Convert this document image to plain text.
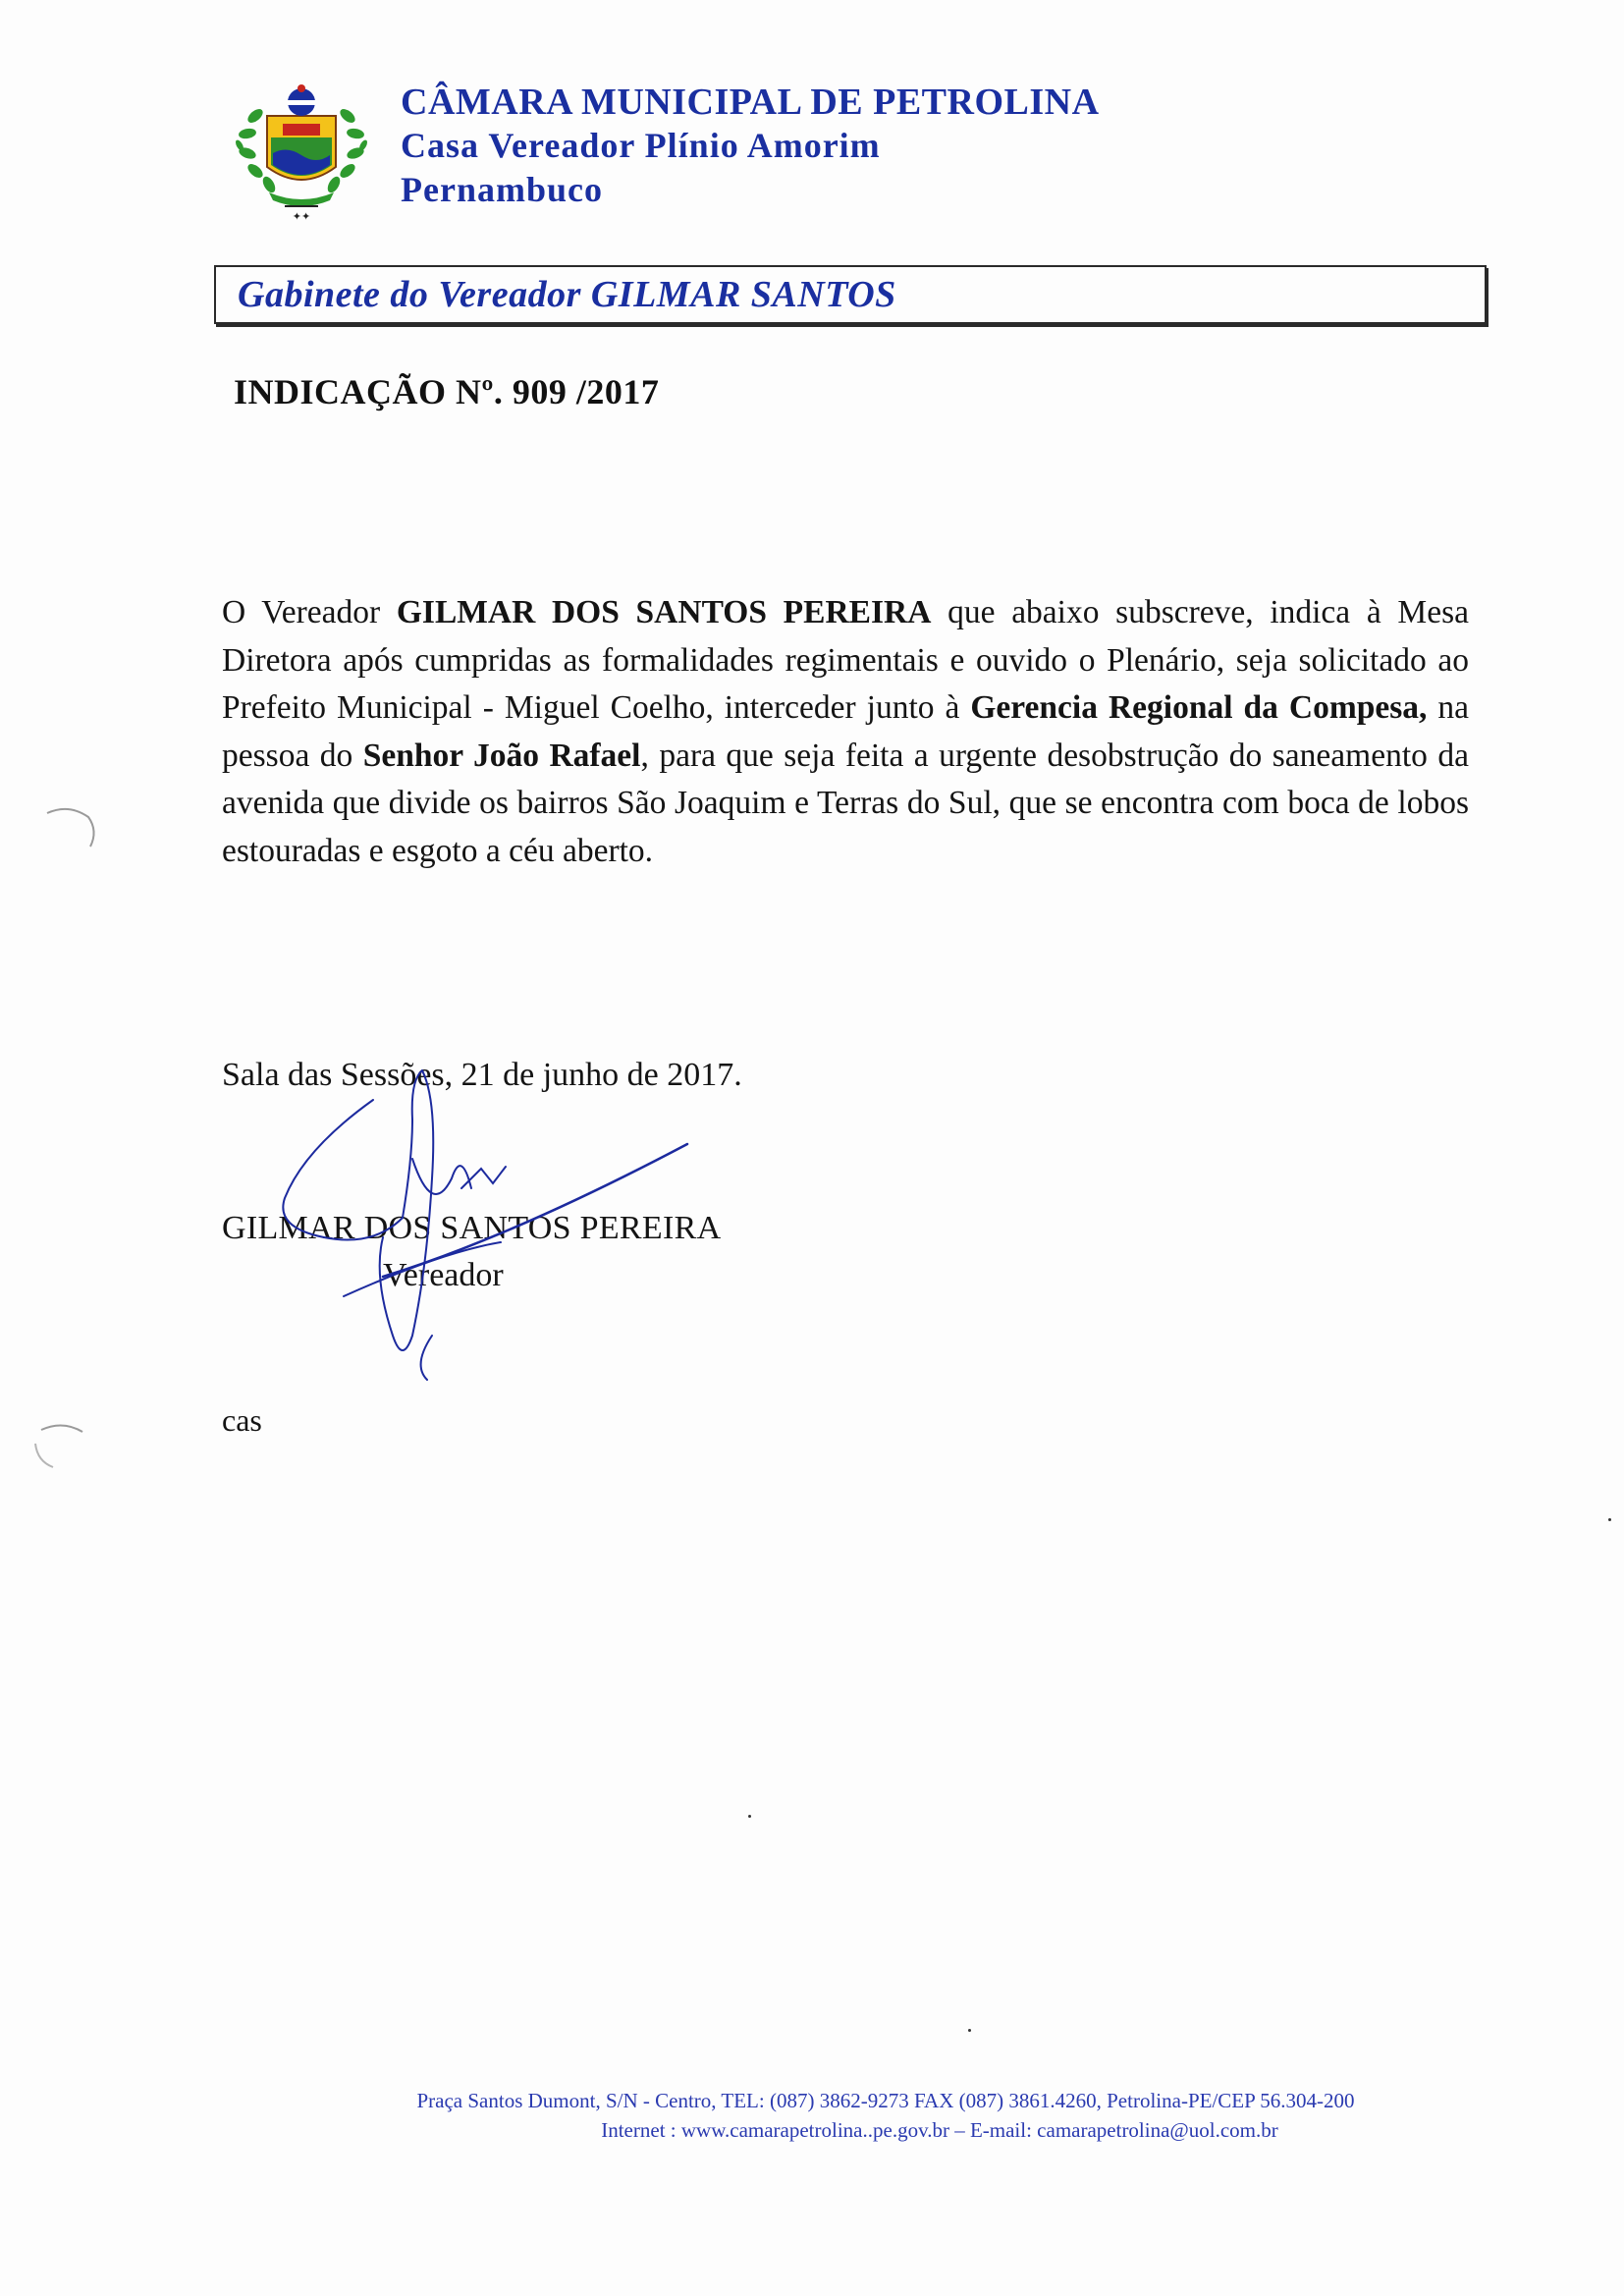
✦✦
CÂMARA MUNICIPAL DE PETROLINA
Casa Vereador Plínio Amorim
Pernambuco
Gabinete do Vereador GILMAR SANTOS
INDICAÇÃO Nº. 909 /2017
O Vereador GILMAR DOS SANTOS PEREIRA que abaixo subscreve, indica à Mesa Diretora após cumpridas as formalidades regimentais e ouvido o Plenário, seja solicitado ao Prefeito Municipal - Miguel Coelho, interceder junto à Gerencia Regional da Compesa, na pessoa do Senhor João Rafael, para que seja feita a urgente desobstrução do saneamento da avenida que divide os bairros São Joaquim e Terras do Sul, que se encontra com boca de lobos estouradas e esgoto a céu aberto.
Sala das Sessões, 21 de junho de 2017.
GILMAR DOS SANTOS PEREIRA
Vereador
cas
Praça Santos Dumont, S/N - Centro, TEL: (087) 3862-9273 FAX (087) 3861.4260, Petrolina-PE/CEP 56.304-200
Internet : www.camarapetrolina..pe.gov.br – E-mail: camarapetrolina@uol.com.br
